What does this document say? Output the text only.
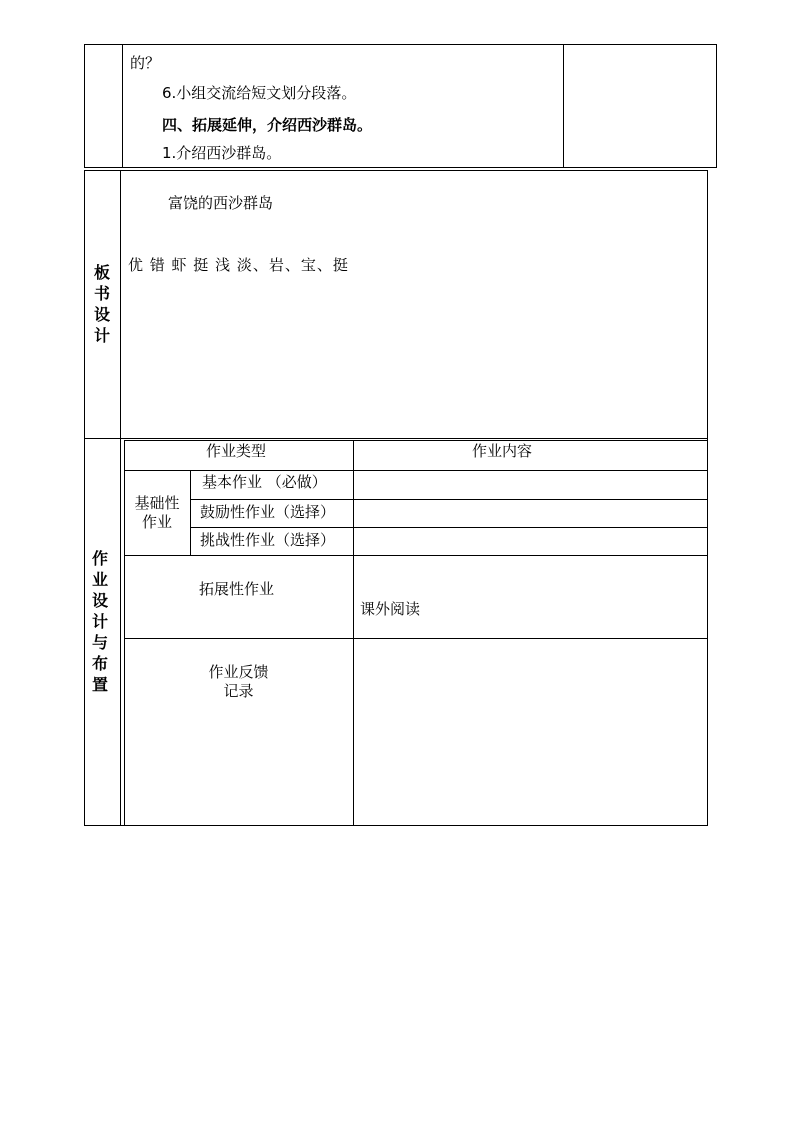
的？
6.小组交流给短文划分段落。
四、拓展延伸，介绍西沙群岛。
1.介绍西沙群岛。
板
书
设
计
富饶的西沙群岛
优 错 虾 挺 浅 淡、岩、宝、挺
作
业
设
计
与
布
置
作业类型	作业内容
基础性
作业
基本作业 （必做）
鼓励性作业（选择）
挑战性作业（选择）
拓展性作业
课外阅读
作业反馈
记录
